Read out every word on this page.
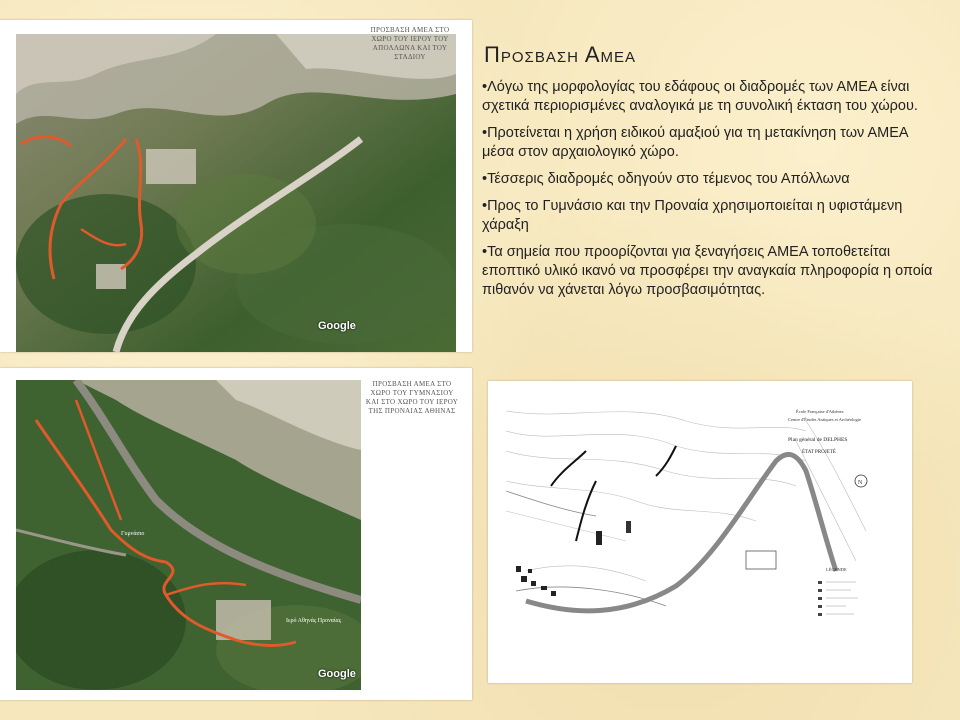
ΠΡΟΣΒΑΣΗ ΑΜΕΑ ΣΤΟ ΧΩΡΟ ΤΟΥ ΙΕΡΟΥ ΤΟΥ ΑΠΟΛΛΩΝΑ ΚΑΙ ΤΟΥ ΣΤΑΔΙΟΥ
Google
Γυμνάσιο
Ιερό Αθηνάς Προναίας
ΠΡΟΣΒΑΣΗ ΑΜΕΑ ΣΤΟ ΧΩΡΟ ΤΟΥ ΓΥΜΝΑΣΙΟΥ ΚΑΙ ΣΤΟ ΧΩΡΟ ΤΟΥ ΙΕΡΟΥ ΤΗΣ ΠΡΟΝΑΙΑΣ ΑΘΗΝΑΣ
Google
École Française d'Athènes
Centre d'Études Antiques et Archéologie
Plan général de DELPHES
ÉTAT PROJETÉ
N
LÉGENDE
Προσβαση Αμεα
• Λόγω της μορφολογίας του εδάφους οι διαδρομές των ΑΜΕΑ είναι σχετικά περιορισμένες αναλογικά με τη συνολική έκταση του χώρου.
• Προτείνεται η χρήση ειδικού αμαξιού για τη μετακίνηση των ΑΜΕΑ μέσα στον αρχαιολογικό χώρο.
• Τέσσερις διαδρομές οδηγούν στο τέμενος του Απόλλωνα
• Προς το Γυμνάσιο και την Προναία χρησιμοποιείται η υφιστάμενη χάραξη
• Τα σημεία που προορίζονται για ξεναγήσεις ΑΜΕΑ τοποθετείται εποπτικό υλικό ικανό να προσφέρει την αναγκαία πληροφορία η οποία πιθανόν να χάνεται λόγω προσβασιμότητας.
